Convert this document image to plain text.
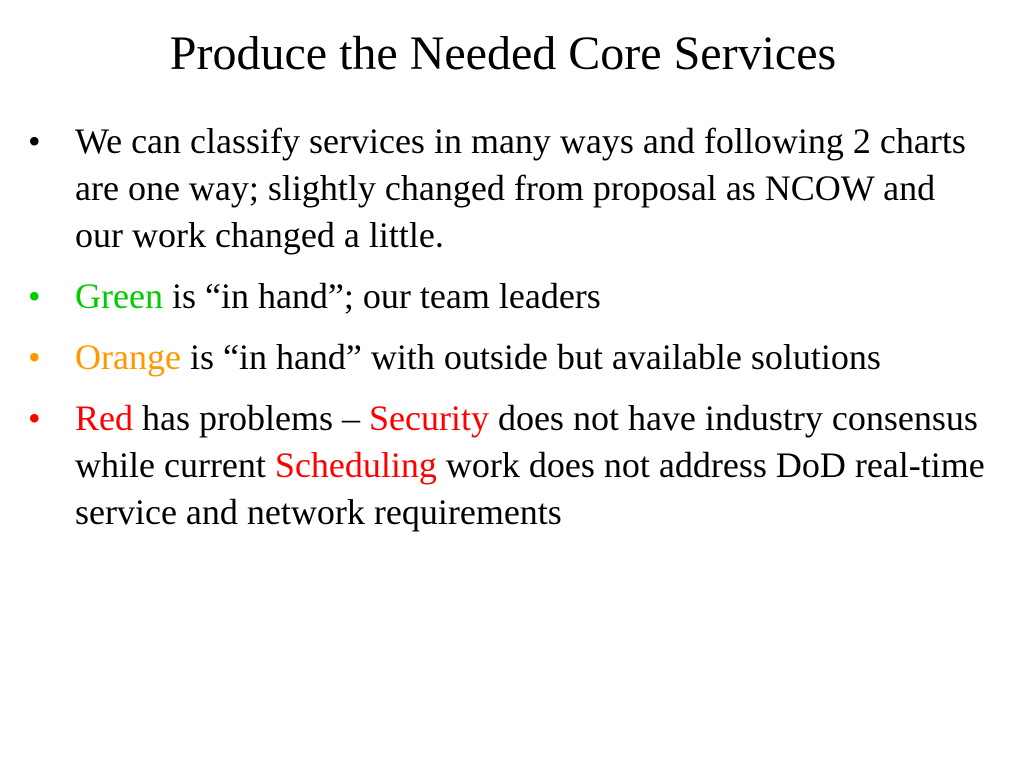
Produce the Needed Core Services
• We can classify services in many ways and following 2 charts are one way; slightly changed from proposal as NCOW and our work changed a little.
• Green is “in hand”; our team leaders
• Orange is “in hand” with outside but available solutions
• Red has problems – Security does not have industry consensus while current Scheduling work does not address DoD real-time service and network requirements
